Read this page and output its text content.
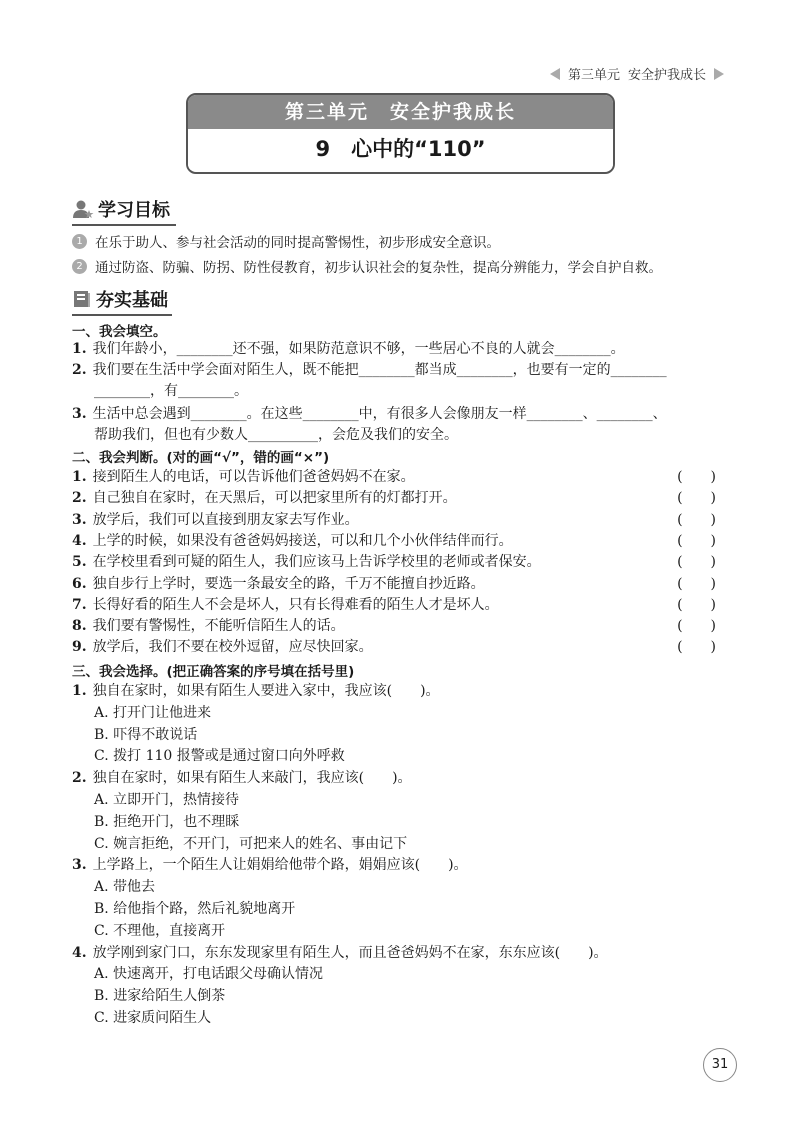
第三单元 安全护我成长
第三单元　安全护我成长
9　心中的“110”
学习目标
1 在乐于助人、参与社会活动的同时提高警惕性，初步形成安全意识。
2 通过防盗、防骗、防拐、防性侵教育，初步认识社会的复杂性，提高分辨能力，学会自护自救。
夯实基础
一、我会填空。
1. 我们年龄小，________还不强，如果防范意识不够，一些居心不良的人就会________。
2. 我们要在生活中学会面对陌生人，既不能把________都当成________，也要有一定的________
________，有________。
3. 生活中总会遇到________。在这些________中，有很多人会像朋友一样________、________、
帮助我们，但也有少数人__________，会危及我们的安全。
二、我会判断。(对的画“√”，错的画“×”)
1. 接到陌生人的电话，可以告诉他们爸爸妈妈不在家。	(　　)
2. 自己独自在家时，在天黑后，可以把家里所有的灯都打开。	(　　)
3. 放学后，我们可以直接到朋友家去写作业。	(　　)
4. 上学的时候，如果没有爸爸妈妈接送，可以和几个小伙伴结伴而行。	(　　)
5. 在学校里看到可疑的陌生人，我们应该马上告诉学校里的老师或者保安。	(　　)
6. 独自步行上学时，要选一条最安全的路，千万不能擅自抄近路。	(　　)
7. 长得好看的陌生人不会是坏人，只有长得难看的陌生人才是坏人。	(　　)
8. 我们要有警惕性，不能听信陌生人的话。	(　　)
9. 放学后，我们不要在校外逗留，应尽快回家。	(　　)
三、我会选择。(把正确答案的序号填在括号里)
1. 独自在家时，如果有陌生人要进入家中，我应该(　　)。
A. 打开门让他进来
B. 吓得不敢说话
C. 拨打 110 报警或是通过窗口向外呼救
2. 独自在家时，如果有陌生人来敲门，我应该(　　)。
A. 立即开门，热情接待
B. 拒绝开门，也不理睬
C. 婉言拒绝，不开门，可把来人的姓名、事由记下
3. 上学路上，一个陌生人让娟娟给他带个路，娟娟应该(　　)。
A. 带他去
B. 给他指个路，然后礼貌地离开
C. 不理他，直接离开
4. 放学刚到家门口，东东发现家里有陌生人，而且爸爸妈妈不在家，东东应该(　　)。
A. 快速离开，打电话跟父母确认情况
B. 进家给陌生人倒茶
C. 进家质问陌生人
31
